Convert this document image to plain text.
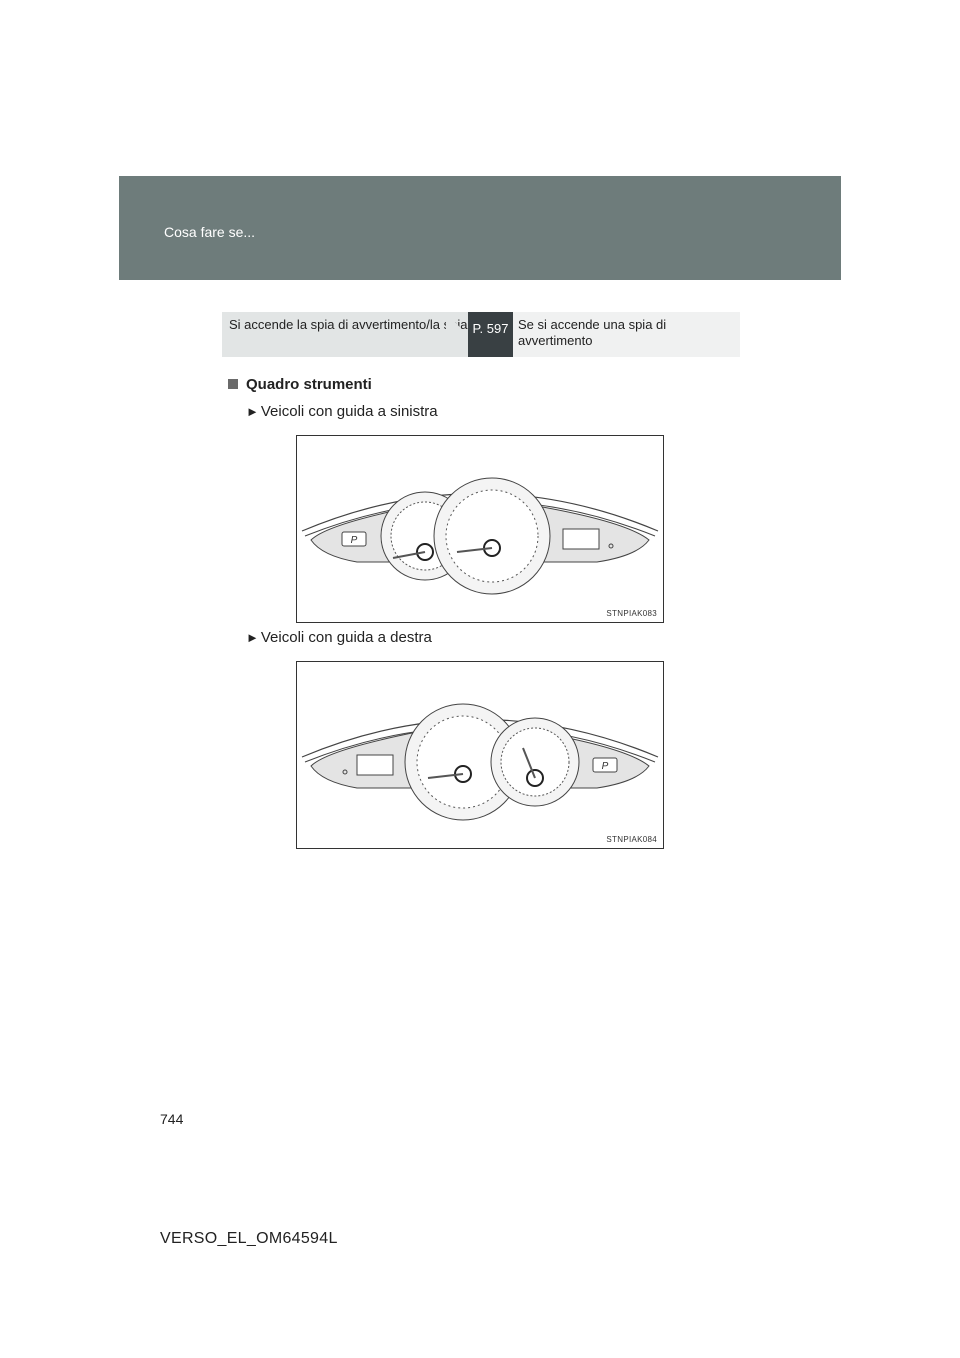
Cosa fare se...
Si accende la spia di avvertimento/la spia P. 597 Se si accende una spia di avvertimento
Quadro strumenti
► Veicoli con guida a sinistra
P
STNPIAK083
► Veicoli con guida a destra
P
STNPIAK084
744
VERSO_EL_OM64594L
